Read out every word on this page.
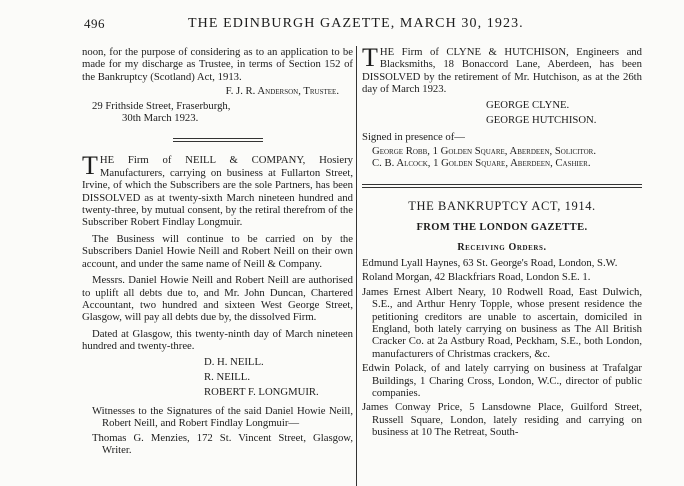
496	THE EDINBURGH GAZETTE, MARCH 30, 1923.

noon, for the purpose of considering as to an application to be made for my discharge as Trustee, in terms of Section 152 of the Bankruptcy (Scotland) Act, 1913.

F. J. R. Anderson, Trustee.
29 Frithside Street, Fraserburgh,
30th March 1923.

THE Firm of NEILL & COMPANY, Hosiery Manufacturers, carrying on business at Fullarton Street, Irvine, of which the Subscribers are the sole Partners, has been DISSOLVED as at twenty-sixth March nineteen hundred and twenty-three, by mutual consent, by the retiral therefrom of the Subscriber Robert Findlay Longmuir.

The Business will continue to be carried on by the Subscribers Daniel Howie Neill and Robert Neill on their own account, and under the same name of Neill & Company.

Messrs. Daniel Howie Neill and Robert Neill are authorised to uplift all debts due to, and Mr. John Duncan, Chartered Accountant, two hundred and sixteen West George Street, Glasgow, will pay all debts due by, the dissolved Firm.

Dated at Glasgow, this twenty-ninth day of March nineteen hundred and twenty-three.

D. H. NEILL.
R. NEILL.
ROBERT F. LONGMUIR.

Witnesses to the Signatures of the said Daniel Howie Neill, Robert Neill, and Robert Findlay Longmuir—

Thomas G. Menzies, 172 St. Vincent Street, Glasgow, Writer.

THE Firm of CLYNE & HUTCHISON, Engineers and Blacksmiths, 18 Bonaccord Lane, Aberdeen, has been DISSOLVED by the retirement of Mr. Hutchison, as at the 26th day of March 1923.

GEORGE CLYNE.
GEORGE HUTCHISON.
Signed in presence of—

George Robb, 1 Golden Square, Aberdeen, Solicitor.

C. B. Alcock, 1 Golden Square, Aberdeen, Cashier.

THE BANKRUPTCY ACT, 1914.
FROM THE LONDON GAZETTE.
Receiving Orders.

Edmund Lyall Haynes, 63 St. George's Road, London, S.W.

Roland Morgan, 42 Blackfriars Road, London S.E. 1.

James Ernest Albert Neary, 10 Rodwell Road, East Dulwich, S.E., and Arthur Henry Topple, whose present residence the petitioning creditors are unable to ascertain, domiciled in England, both lately carrying on business as The All British Cracker Co. at 2a Astbury Road, Peckham, S.E., both London, manufacturers of Christmas crackers, &c.

Edwin Polack, of and lately carrying on business at Trafalgar Buildings, 1 Charing Cross, London, W.C., director of public companies.

James Conway Price, 5 Lansdowne Place, Guilford Street, Russell Square, London, lately residing and carrying on business at 10 The Retreat, South-
